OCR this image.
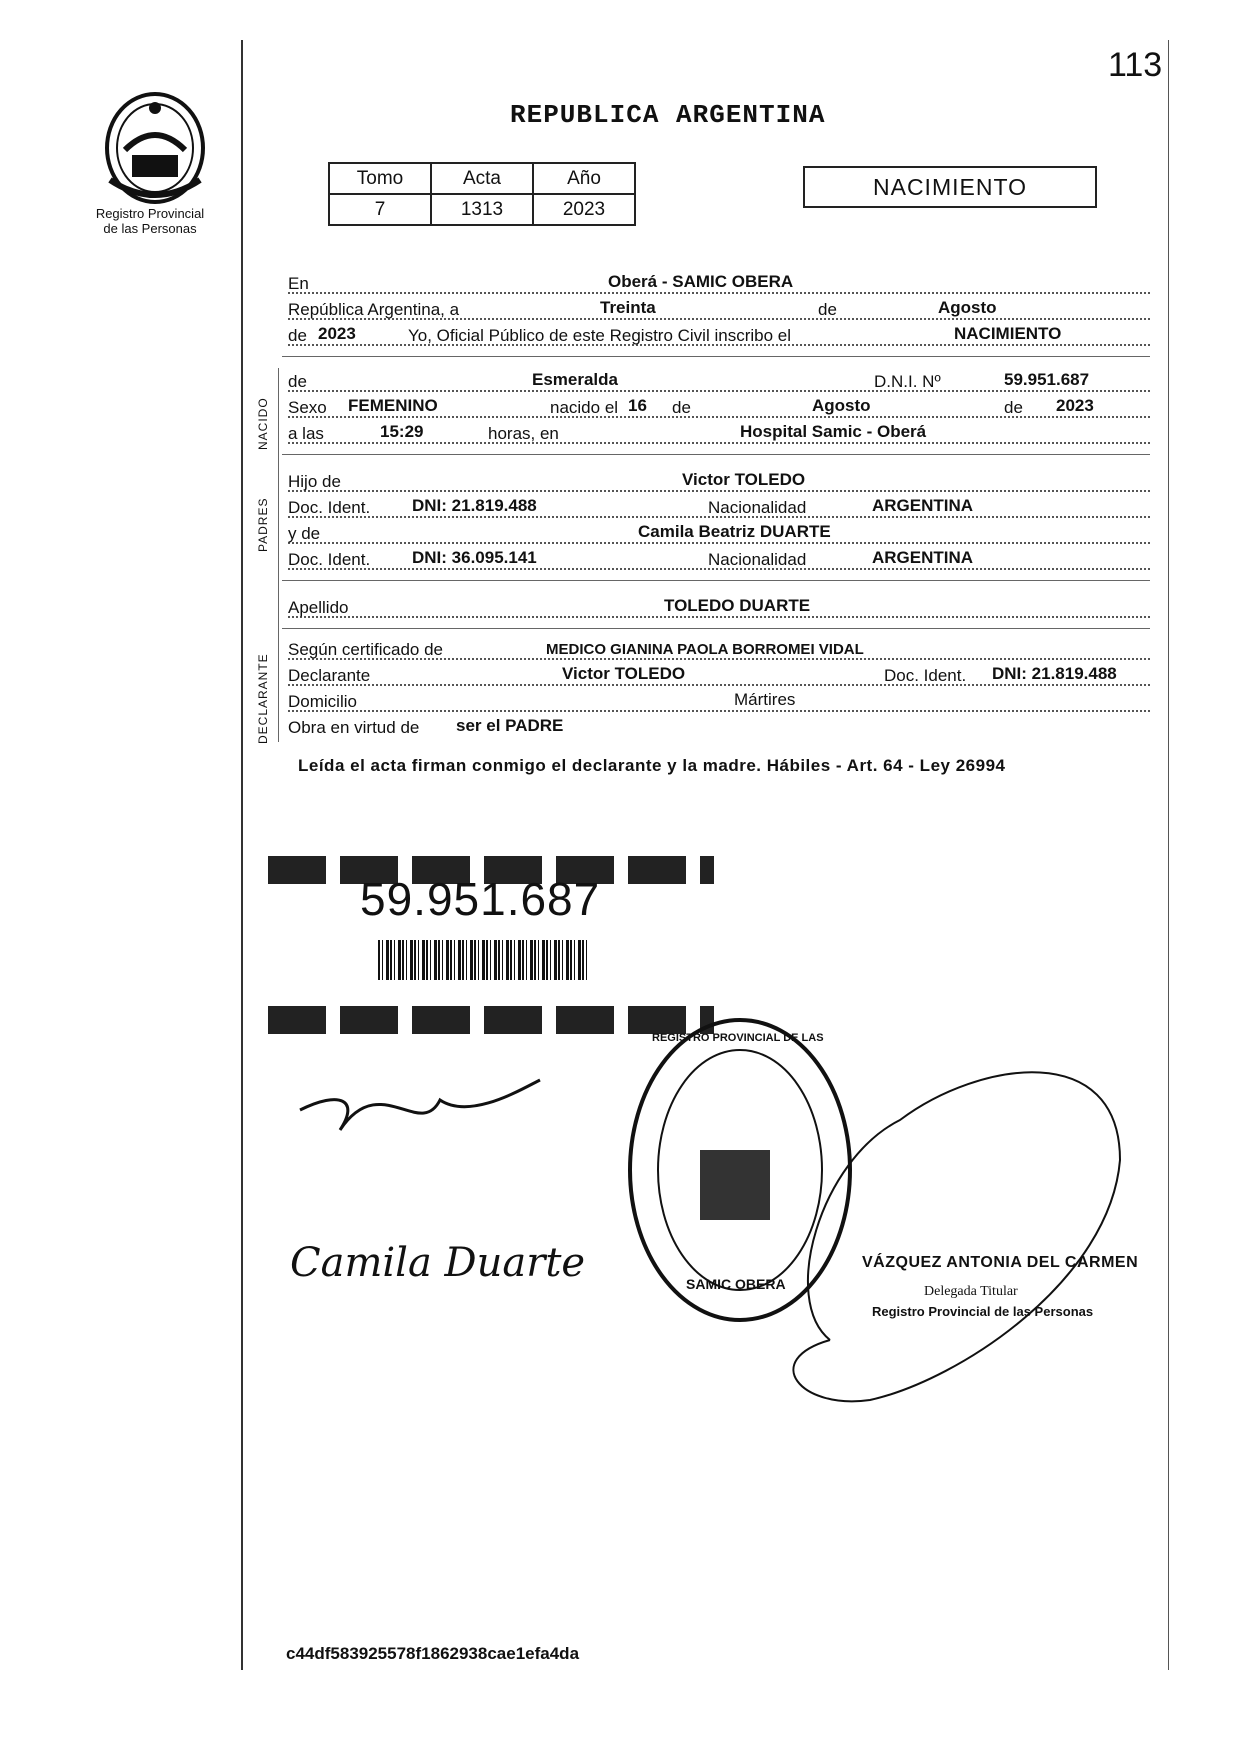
Registro Provincial
de las Personas
113
REPUBLICA ARGENTINA
Tomo	Acta	Año
7	1313	2023
NACIMIENTO
NACIDO
PADRES
DECLARANTE
En	Oberá - SAMIC OBERA
República Argentina, a	Treinta	de	Agosto
de 2023	Yo, Oficial Público de este Registro Civil inscribo el	NACIMIENTO
de	Esmeralda	D.N.I. Nº	59.951.687
Sexo FEMENINO	nacido el 16 de	Agosto	de 2023
a las	15:29	horas, en	Hospital Samic - Oberá
Hijo de	Victor TOLEDO
Doc. Ident. DNI: 21.819.488	Nacionalidad	ARGENTINA
y de	Camila Beatriz DUARTE
Doc. Ident. DNI: 36.095.141	Nacionalidad	ARGENTINA
Apellido	TOLEDO DUARTE
Según certificado de	MEDICO GIANINA PAOLA BORROMEI VIDAL
Declarante	Victor TOLEDO	Doc. Ident. DNI: 21.819.488
Domicilio	Mártires
Obra en virtud de ser el PADRE
Leída el acta firman conmigo el declarante y la madre. Hábiles - Art. 64 - Ley 26994
59.951.687
Camila Duarte
REGISTRO PROVINCIAL DE LAS
SAMIC OBERA
VÁZQUEZ ANTONIA DEL CARMEN
Delegada Titular
Registro Provincial de las Personas
c44df583925578f1862938cae1efa4da
